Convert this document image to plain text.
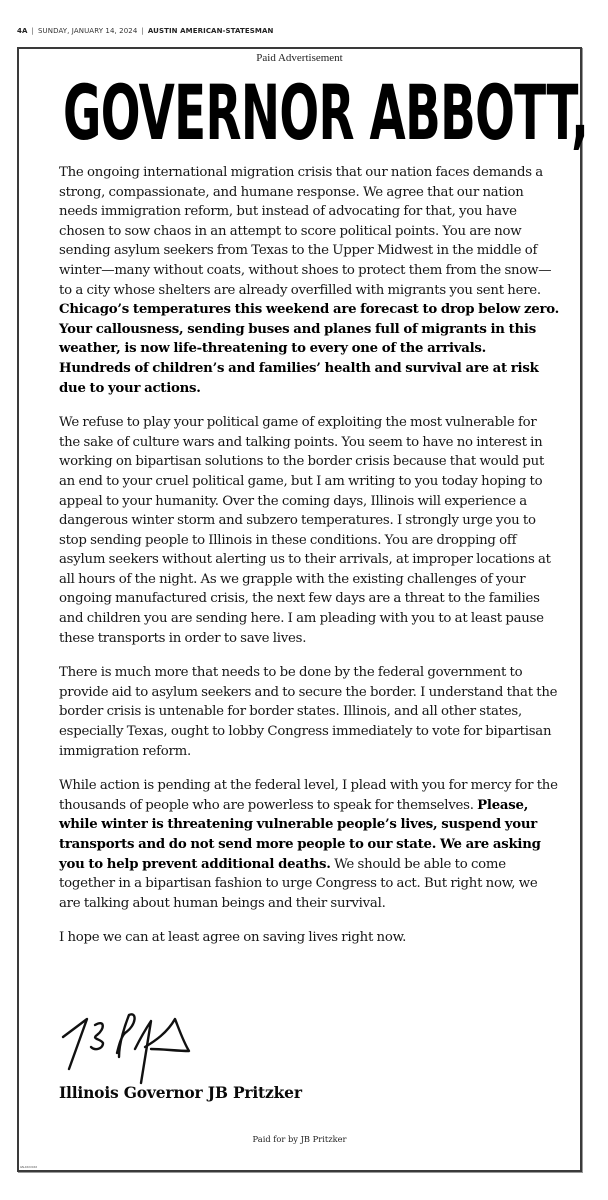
4A | SUNDAY, JANUARY 14, 2024 | AUSTIN AMERICAN-STATESMAN
Paid Advertisement
GOVERNOR ABBOTT,

The ongoing international migration crisis that our nation faces demands a strong, compassionate, and humane response. We agree that our nation needs immigration reform, but instead of advocating for that, you have chosen to sow chaos in an attempt to score political points. You are now sending asylum seekers from Texas to the Upper Midwest in the middle of winter—many without coats, without shoes to protect them from the snow—to a city whose shelters are already overfilled with migrants you sent here. Chicago’s temperatures this weekend are forecast to drop below zero. Your callousness, sending buses and planes full of migrants in this weather, is now life-threatening to every one of the arrivals. Hundreds of children’s and families’ health and survival are at risk due to your actions.

We refuse to play your political game of exploiting the most vulnerable for the sake of culture wars and talking points. You seem to have no interest in working on bipartisan solutions to the border crisis because that would put an end to your cruel political game, but I am writing to you today hoping to appeal to your humanity. Over the coming days, Illinois will experience a dangerous winter storm and subzero temperatures. I strongly urge you to stop sending people to Illinois in these conditions. You are dropping off asylum seekers without alerting us to their arrivals, at improper locations at all hours of the night. As we grapple with the existing challenges of your ongoing manufactured crisis, the next few days are a threat to the families and children you are sending here. I am pleading with you to at least pause these transports in order to save lives.

There is much more that needs to be done by the federal government to provide aid to asylum seekers and to secure the border. I understand that the border crisis is untenable for border states. Illinois, and all other states, especially Texas, ought to lobby Congress immediately to vote for bipartisan immigration reform.

While action is pending at the federal level, I plead with you for mercy for the thousands of people who are powerless to speak for themselves. Please, while winter is threatening vulnerable people’s lives, suspend your transports and do not send more people to our state. We are asking you to help prevent additional deaths. We should be able to come together in a bipartisan fashion to urge Congress to act. But right now, we are talking about human beings and their survival.

I hope we can at least agree on saving lives right now.

Illinois Governor JB Pritzker
Paid for by JB Pritzker
GN-XXXXXXX
